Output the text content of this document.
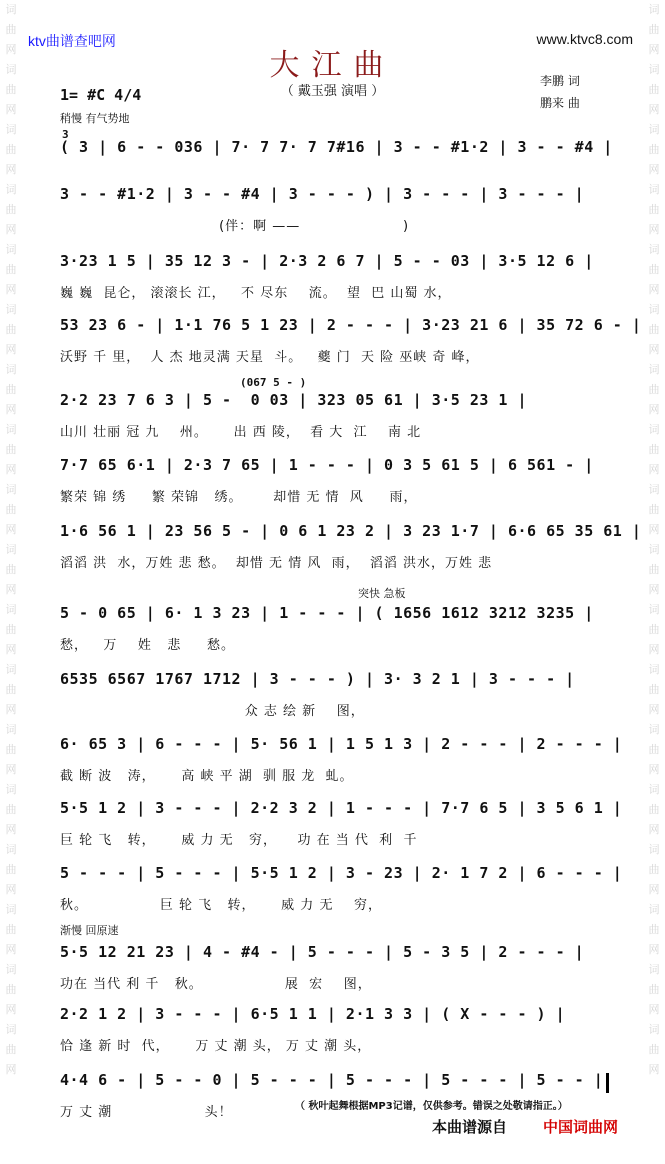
词曲网词曲网词曲网词曲网词曲网词曲网词曲网词曲网词曲网词曲网词曲网词曲网词曲网词曲网词曲网词曲网词曲网词曲网
词曲网词曲网词曲网词曲网词曲网词曲网词曲网词曲网词曲网词曲网词曲网词曲网词曲网词曲网词曲网词曲网词曲网词曲网
ktv曲谱查吧网	www.ktvc8.com
大江曲
（ 戴玉强 演唱 ）
李鹏 词
鹏来 曲
1= #C 4/4
稍慢 有气势地
3
(067 5 - )
突快 急板
渐慢 回原速
( 3 | 6 - - 036 | 7· 7 7· 7 7#16 | 3 - - #1·2 | 3 - - #4 |
3 - - #1·2 | 3 - - #4 | 3 - - - ) | 3 - - - | 3 - - - |
(伴：啊 ——                    )
3·23 1 5 | 35 12 3 - | 2·3 2 6 7 | 5 - - 03 | 3·5 12 6 |
巍 巍  昆仑， 滚滚长 江，   不 尽东    流。  望  巴 山蜀 水，
53 23 6 - | 1·1 76 5 1 23 | 2 - - - | 3·23 21 6 | 35 72 6 - |
沃野 千 里，  人 杰 地灵满 天星  斗。   夔 门  天 险 巫峡 奇 峰，
2·2 23 7 6 3 | 5 -  0 03 | 323 05 61 | 3·5 23 1 |
山川 壮丽 冠 九    州。     出 西 陵，  看 大  江    南 北
7·7 65 6·1 | 2·3 7 65 | 1 - - - | 0 3 5 61 5 | 6 561 - |
繁荣 锦 绣     繁 荣锦   绣。      却惜 无 情  风     雨，
1·6 56 1 | 23 56 5 - | 0 6 1 23 2 | 3 23 1·7 | 6·6 65 35 61 |
滔滔 洪  水，万姓 悲 愁。  却惜 无 情 风  雨，  滔滔 洪水，万姓 悲
5 - 0 65 | 6· 1 3 23 | 1 - - - | ( 1656 1612 3212 3235 |
愁，   万    姓   悲     愁。
6535 6567 1767 1712 | 3 - - - ) | 3· 3 2 1 | 3 - - - |
众 志 绘 新    图，
6· 65 3 | 6 - - - | 5· 56 1 | 1 5 1 3 | 2 - - - | 2 - - - |
截 断 波   涛，     高 峡 平 湖  驯 服 龙  虬。
5·5 1 2 | 3 - - - | 2·2 3 2 | 1 - - - | 7·7 6 5 | 3 5 6 1 |
巨 轮 飞   转，     威 力 无   穷，    功 在 当 代  利  千
5 - - - | 5 - - - | 5·5 1 2 | 3 - 23 | 2· 1 7 2 | 6 - - - |
秋。              巨 轮 飞   转，     威 力 无    穷，
5·5 12 21 23 | 4 - #4 - | 5 - - - | 5 - 3 5 | 2 - - - |
功在 当代 利 千   秋。                展  宏    图，
2·2 1 2 | 3 - - - | 6·5 1 1 | 2·1 3 3 | ( X - - - ) |
恰 逢 新 时  代，     万 丈 潮 头， 万 丈 潮 头，
4·4 6 - | 5 - - 0 | 5 - - - | 5 - - - | 5 - - - | 5 - - |
万 丈 潮                  头！	（ 秋叶起舞根据MP3记谱，仅供参考。错误之处敬请指正。）
本曲谱源自 中国词曲网
